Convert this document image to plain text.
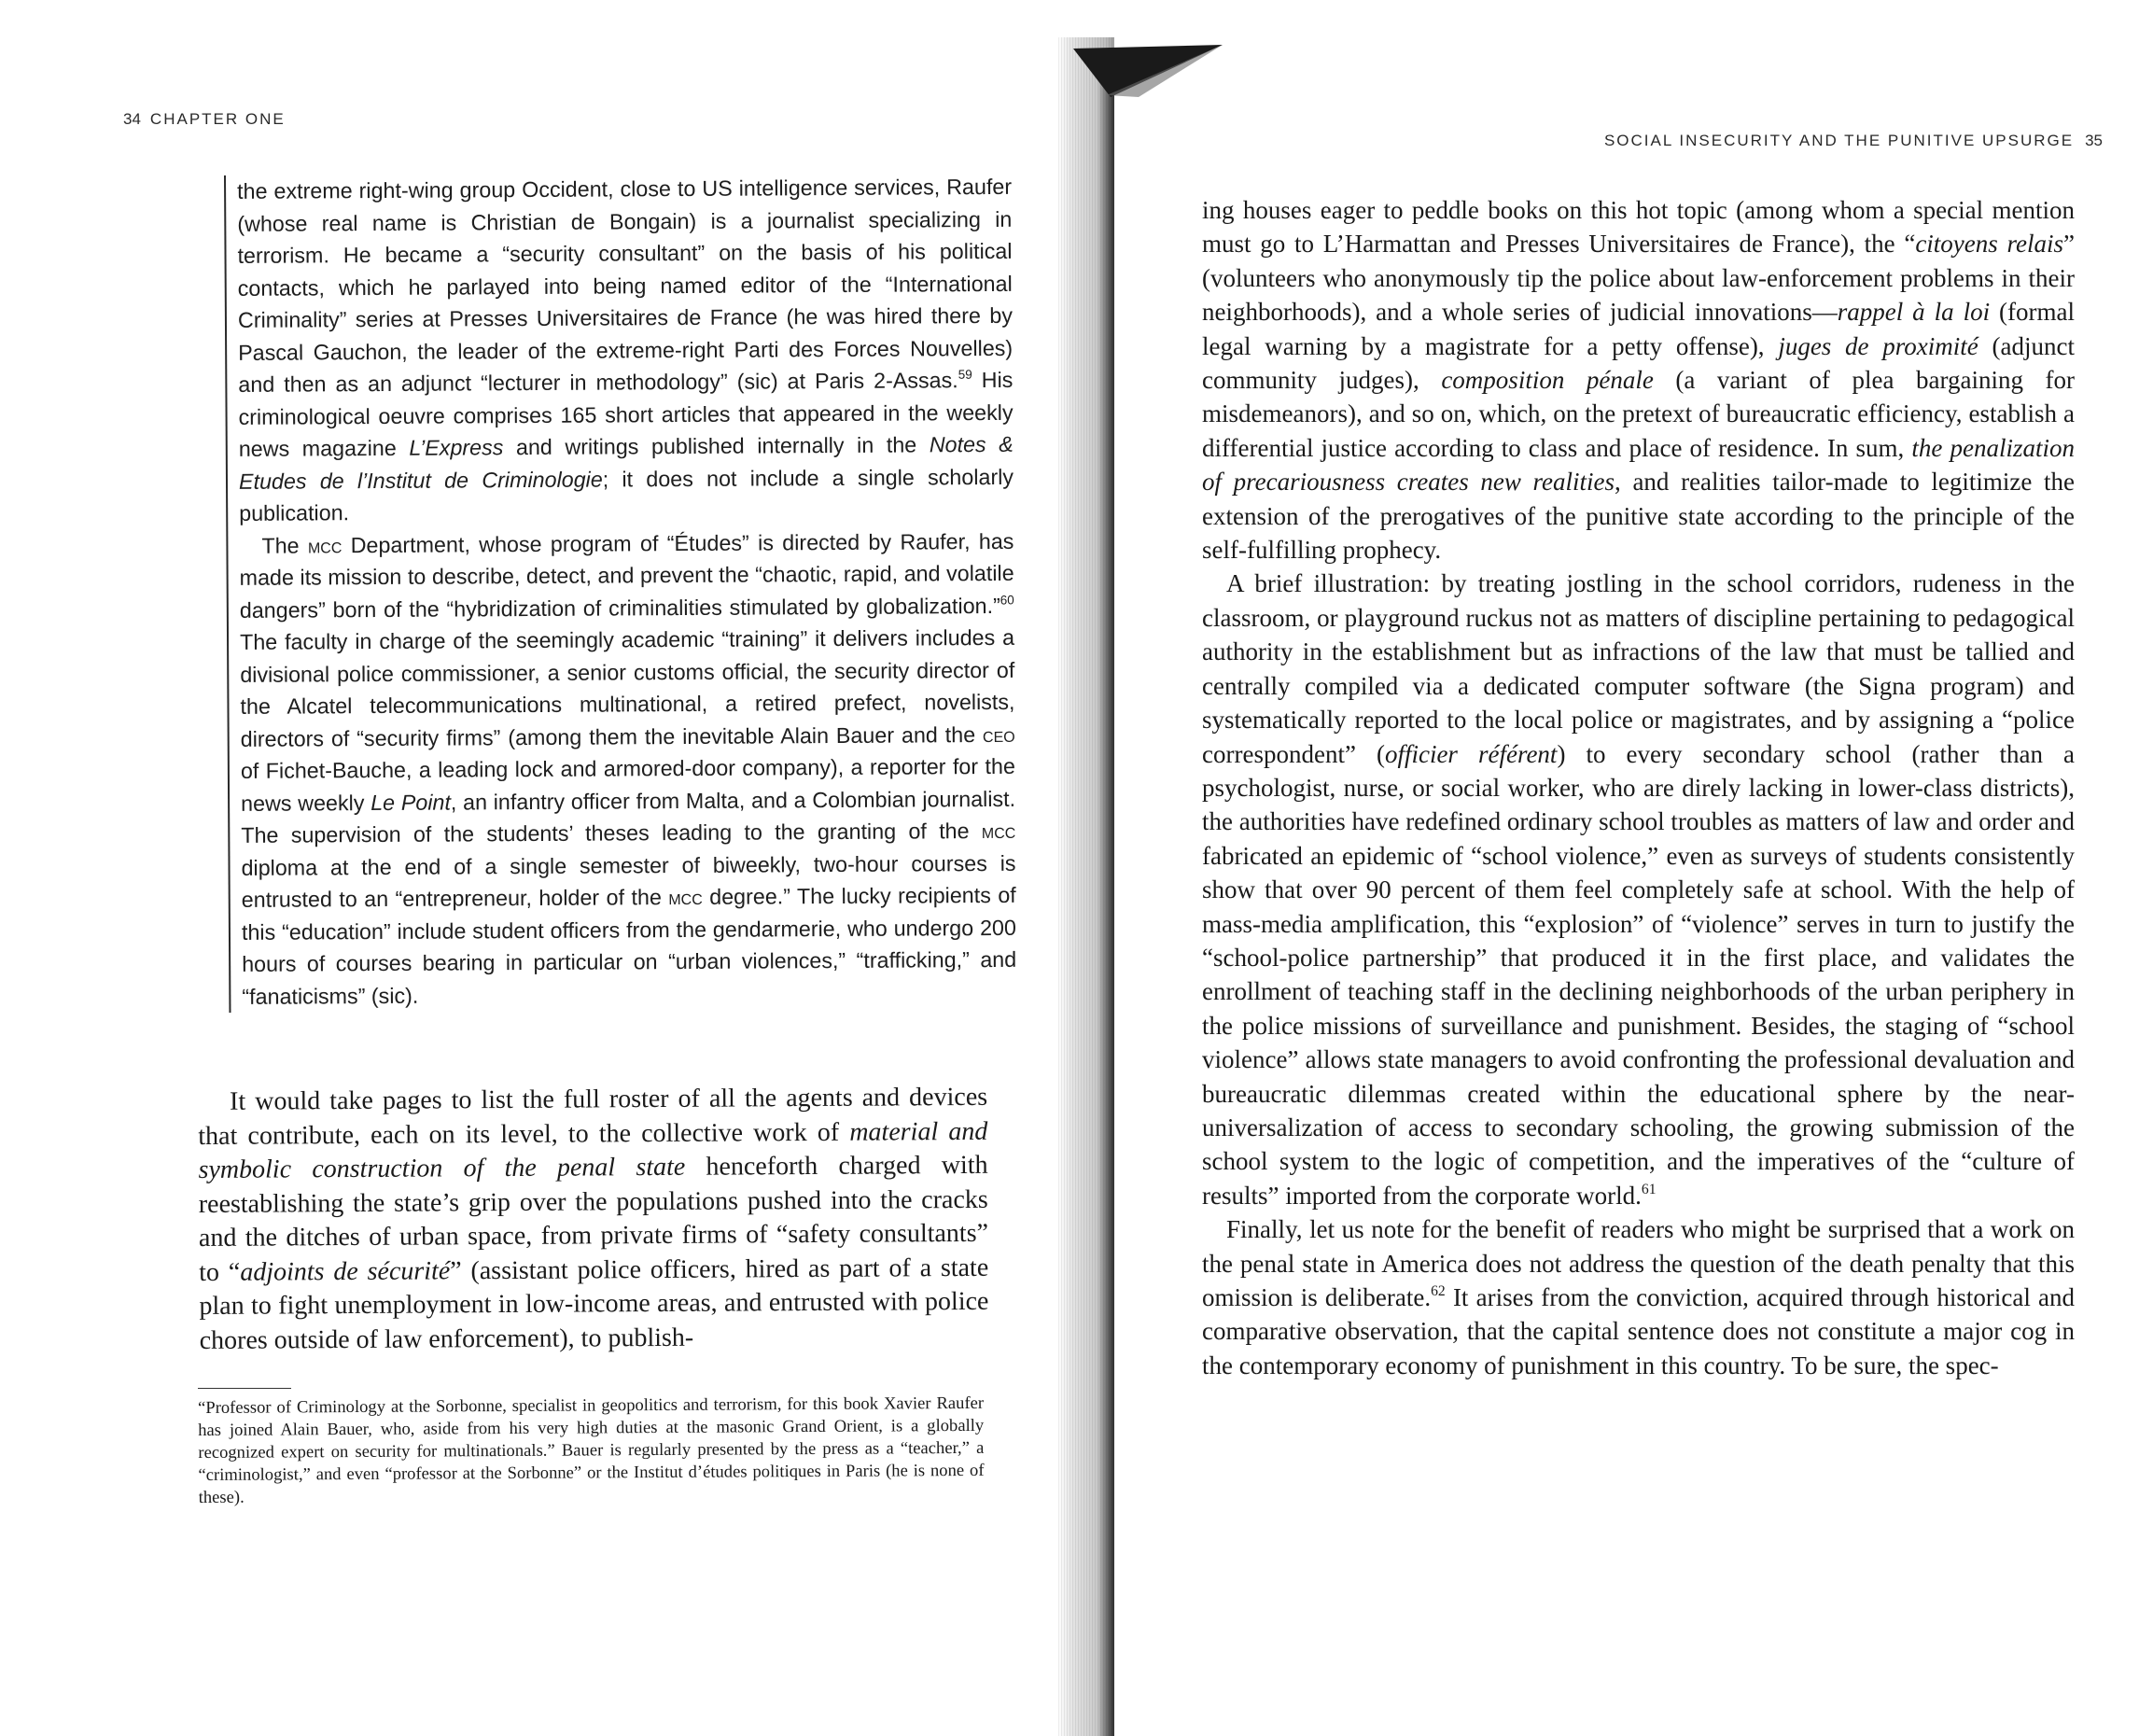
34 CHAPTER ONE

the extreme right-wing group Occident, close to US intelligence services, Raufer (whose real name is Christian de Bongain) is a journalist specializing in terrorism. He became a “security consultant” on the basis of his political contacts, which he parlayed into being named editor of the “International Criminality” series at Presses Universitaires de France (he was hired there by Pascal Gauchon, the leader of the extreme-right Parti des Forces Nouvelles) and then as an adjunct “lecturer in methodology” (sic) at Paris 2-Assas.$^{59}$ His criminological oeuvre comprises 165 short articles that appeared in the weekly news magazine L’Express and writings published internally in the Notes & Etudes de l’Institut de Criminologie; it does not include a single scholarly publication.

The mcc Department, whose program of “Études” is directed by Raufer, has made its mission to describe, detect, and prevent the “chaotic, rapid, and volatile dangers” born of the “hybridization of criminalities stimulated by globalization.”$^{60}$ The faculty in charge of the seemingly academic “training” it delivers includes a divisional police commissioner, a senior customs official, the security director of the Alcatel telecommunications multinational, a retired prefect, novelists, directors of “security firms” (among them the inevitable Alain Bauer and the ceo of Fichet-Bauche, a leading lock and armored-door company), a reporter for the news weekly Le Point, an infantry officer from Malta, and a Colombian journalist. The supervision of the students’ theses leading to the granting of the mcc diploma at the end of a single semester of biweekly, two-hour courses is entrusted to an “entrepreneur, holder of the mcc degree.” The lucky recipients of this “education” include student officers from the gendarmerie, who undergo 200 hours of courses bearing in particular on “urban violences,” “trafficking,” and “fanaticisms” (sic).

It would take pages to list the full roster of all the agents and devices that contribute, each on its level, to the collective work of material and symbolic construction of the penal state henceforth charged with reestablishing the state’s grip over the populations pushed into the cracks and the ditches of urban space, from private firms of “safety consultants” to “adjoints de sécurité” (assistant police officers, hired as part of a state plan to fight unemployment in low-income areas, and entrusted with police chores outside of law enforcement), to publish-

“Professor of Criminology at the Sorbonne, specialist in geopolitics and terrorism, for this book Xavier Raufer has joined Alain Bauer, who, aside from his very high duties at the masonic Grand Orient, is a globally recognized expert on security for multinationals.” Bauer is regularly presented by the press as a “teacher,” a “criminologist,” and even “professor at the Sorbonne” or the Institut d’études politiques in Paris (he is none of these).

SOCIAL INSECURITY AND THE PUNITIVE UPSURGE 35

ing houses eager to peddle books on this hot topic (among whom a special mention must go to L’Harmattan and Presses Universitaires de France), the “citoyens relais” (volunteers who anonymously tip the police about law-enforcement problems in their neighborhoods), and a whole series of judicial innovations—rappel à la loi (formal legal warning by a magistrate for a petty offense), juges de proximité (adjunct community judges), composition pénale (a variant of plea bargaining for misdemeanors), and so on, which, on the pretext of bureaucratic efficiency, establish a differential justice according to class and place of residence. In sum, the penalization of precariousness creates new realities, and realities tailor-made to legitimize the extension of the prerogatives of the punitive state according to the principle of the self-fulfilling prophecy.

A brief illustration: by treating jostling in the school corridors, rudeness in the classroom, or playground ruckus not as matters of discipline pertaining to pedagogical authority in the establishment but as infractions of the law that must be tallied and centrally compiled via a dedicated computer software (the Signa program) and systematically reported to the local police or magistrates, and by assigning a “police correspondent” (officier référent) to every secondary school (rather than a psychologist, nurse, or social worker, who are direly lacking in lower-class districts), the authorities have redefined ordinary school troubles as matters of law and order and fabricated an epidemic of “school violence,” even as surveys of students consistently show that over 90 percent of them feel completely safe at school. With the help of mass-media amplification, this “explosion” of “violence” serves in turn to justify the “school-police partnership” that produced it in the first place, and validates the enrollment of teaching staff in the declining neighborhoods of the urban periphery in the police missions of surveillance and punishment. Besides, the staging of “school violence” allows state managers to avoid confronting the professional devaluation and bureaucratic dilemmas created within the educational sphere by the near-universalization of access to secondary schooling, the growing submission of the school system to the logic of competition, and the imperatives of the “culture of results” imported from the corporate world.$^{61}$

Finally, let us note for the benefit of readers who might be surprised that a work on the penal state in America does not address the question of the death penalty that this omission is deliberate.$^{62}$ It arises from the conviction, acquired through historical and comparative observation, that the capital sentence does not constitute a major cog in the contemporary economy of punishment in this country. To be sure, the spec-
